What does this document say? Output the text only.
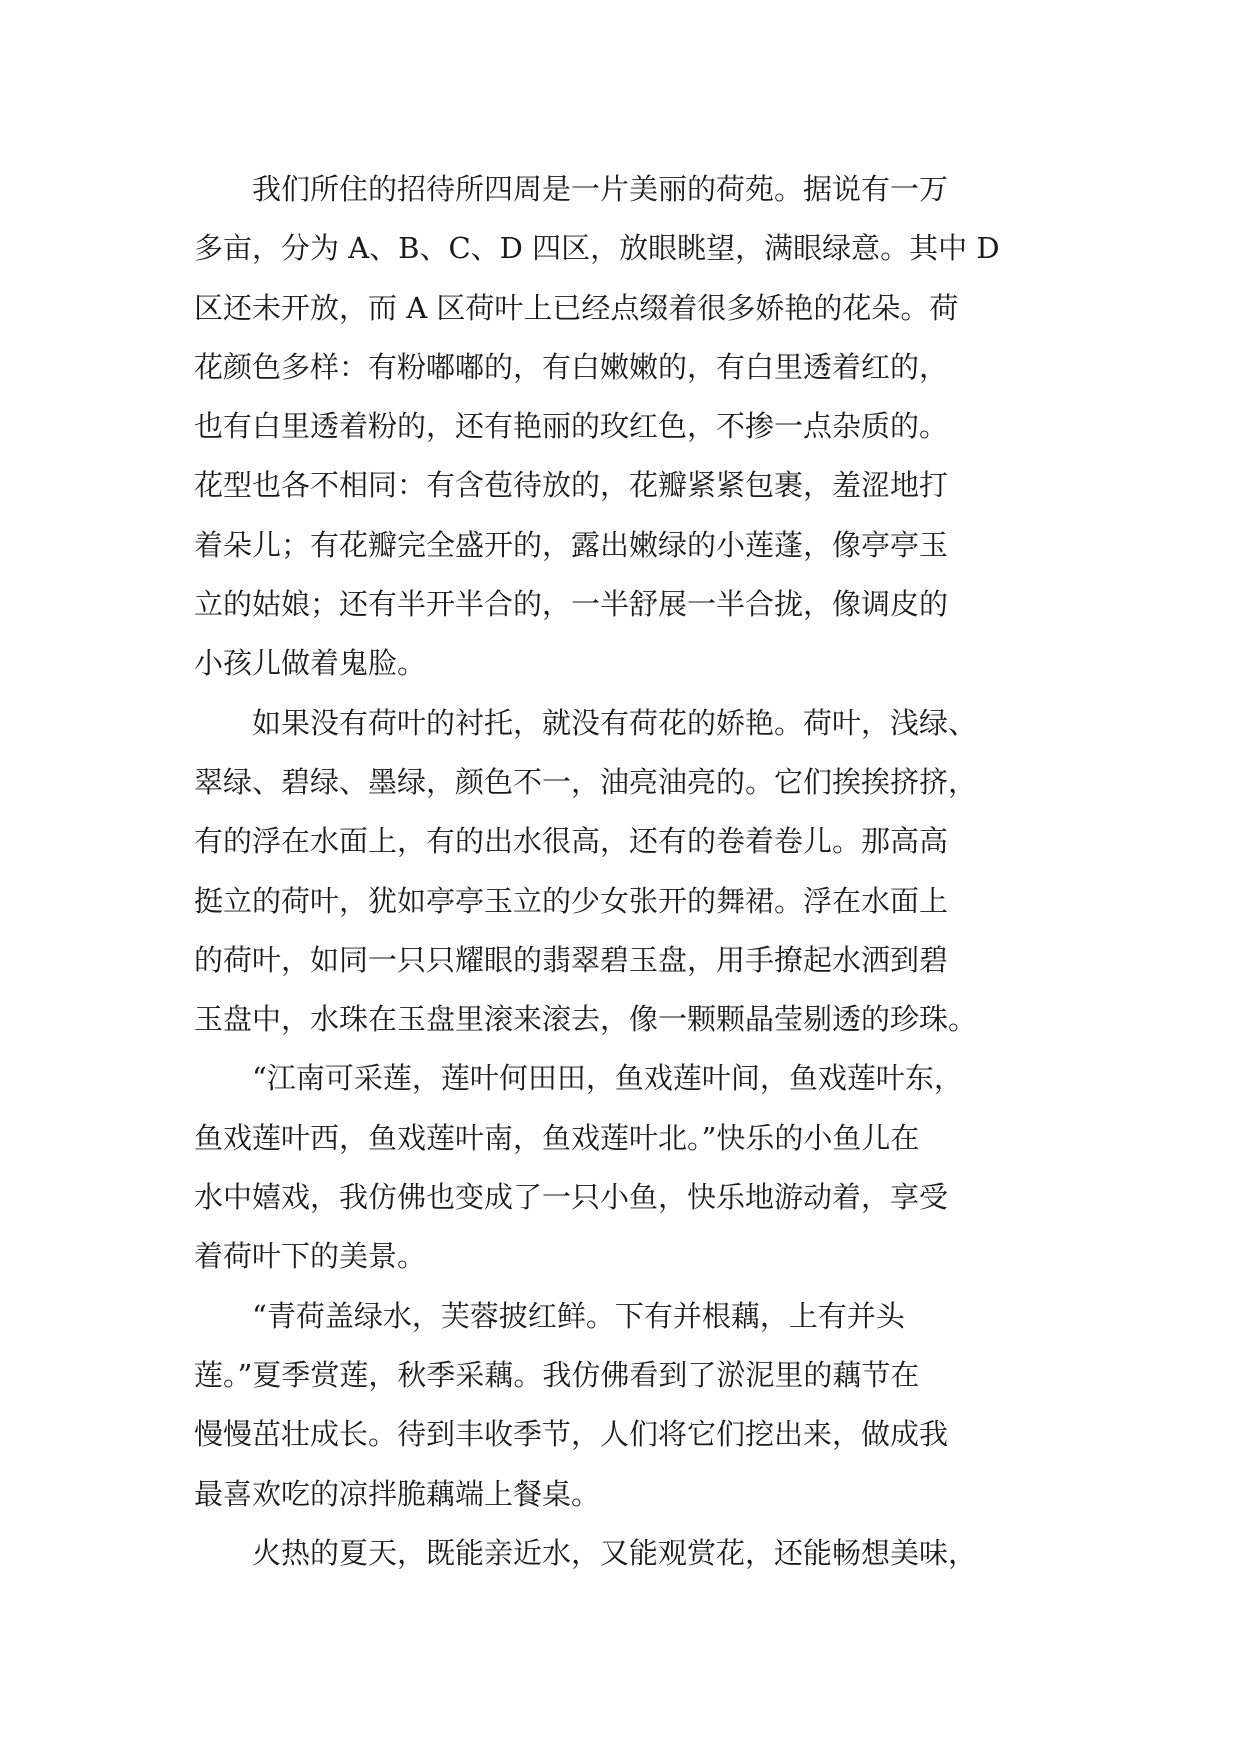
　　我们所住的招待所四周是一片美丽的荷苑。据说有一万
多亩，分为 A、B、C、D 四区，放眼眺望，满眼绿意。其中 D
区还未开放，而 A 区荷叶上已经点缀着很多娇艳的花朵。荷
花颜色多样：有粉嘟嘟的，有白嫩嫩的，有白里透着红的，
也有白里透着粉的，还有艳丽的玫红色，不掺一点杂质的。
花型也各不相同：有含苞待放的，花瓣紧紧包裹，羞涩地打
着朵儿；有花瓣完全盛开的，露出嫩绿的小莲蓬，像亭亭玉
立的姑娘；还有半开半合的，一半舒展一半合拢，像调皮的
小孩儿做着鬼脸。
　　如果没有荷叶的衬托，就没有荷花的娇艳。荷叶，浅绿、
翠绿、碧绿、墨绿，颜色不一，油亮油亮的。它们挨挨挤挤，
有的浮在水面上，有的出水很高，还有的卷着卷儿。那高高
挺立的荷叶，犹如亭亭玉立的少女张开的舞裙。浮在水面上
的荷叶，如同一只只耀眼的翡翠碧玉盘，用手撩起水洒到碧
玉盘中，水珠在玉盘里滚来滚去，像一颗颗晶莹剔透的珍珠。
　　“江南可采莲，莲叶何田田，鱼戏莲叶间，鱼戏莲叶东，
鱼戏莲叶西，鱼戏莲叶南，鱼戏莲叶北。”快乐的小鱼儿在
水中嬉戏，我仿佛也变成了一只小鱼，快乐地游动着，享受
着荷叶下的美景。
　　“青荷盖绿水，芙蓉披红鲜。下有并根藕，上有并头
莲。”夏季赏莲，秋季采藕。我仿佛看到了淤泥里的藕节在
慢慢茁壮成长。待到丰收季节，人们将它们挖出来，做成我
最喜欢吃的凉拌脆藕端上餐桌。
　　火热的夏天，既能亲近水，又能观赏花，还能畅想美味，
